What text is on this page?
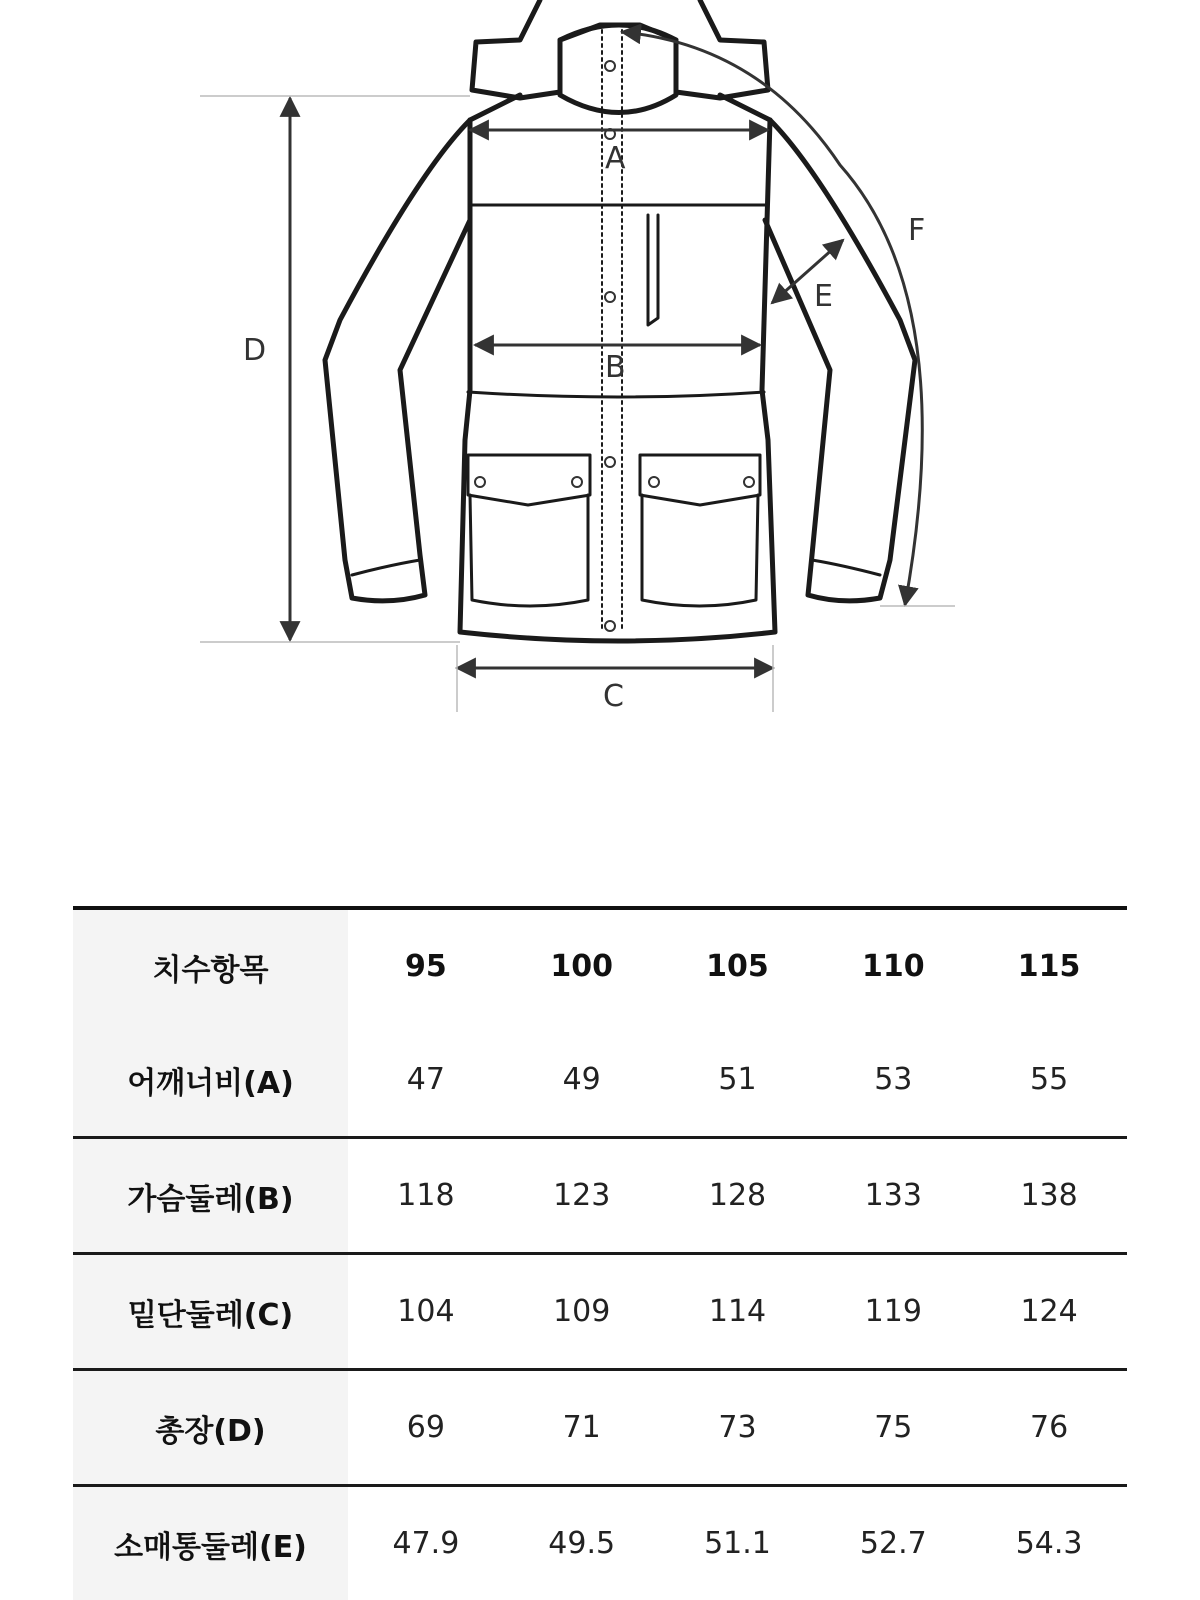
A
B
C
D
E
F
치수항목	95	100	105	110	115
어깨너비(A)	47	49	51	53	55
가슴둘레(B)	118	123	128	133	138
밑단둘레(C)	104	109	114	119	124
총장(D)	69	71	73	75	76
소매통둘레(E)	47.9	49.5	51.1	52.7	54.3
